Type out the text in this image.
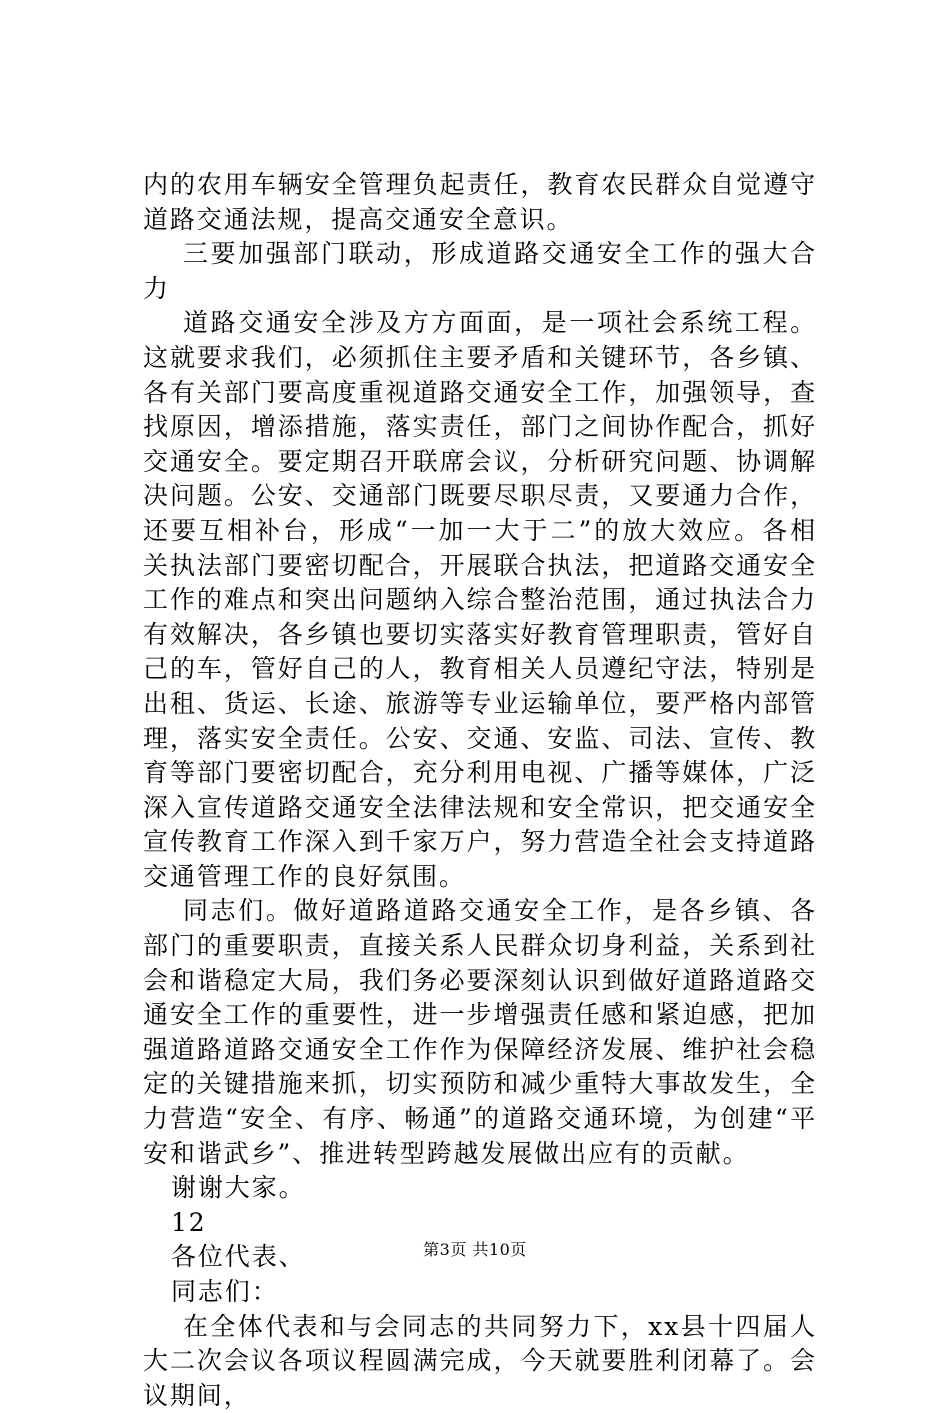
内的农用车辆安全管理负起责任，教育农民群众自觉遵守道路交通法规，提高交通安全意识。

三要加强部门联动，形成道路交通安全工作的强大合力

道路交通安全涉及方方面面，是一项社会系统工程。这就要求我们，必须抓住主要矛盾和关键环节，各乡镇、各有关部门要高度重视道路交通安全工作，加强领导，查找原因，增添措施，落实责任，部门之间协作配合，抓好交通安全。要定期召开联席会议，分析研究问题、协调解决问题。公安、交通部门既要尽职尽责，又要通力合作，还要互相补台，形成“一加一大于二”的放大效应。各相关执法部门要密切配合，开展联合执法，把道路交通安全工作的难点和突出问题纳入综合整治范围，通过执法合力有效解决，各乡镇也要切实落实好教育管理职责，管好自己的车，管好自己的人，教育相关人员遵纪守法，特别是出租、货运、长途、旅游等专业运输单位，要严格内部管理，落实安全责任。公安、交通、安监、司法、宣传、教育等部门要密切配合，充分利用电视、广播等媒体，广泛深入宣传道路交通安全法律法规和安全常识，把交通安全宣传教育工作深入到千家万户，努力营造全社会支持道路交通管理工作的良好氛围。

同志们。做好道路道路交通安全工作，是各乡镇、各部门的重要职责，直接关系人民群众切身利益，关系到社会和谐稳定大局，我们务必要深刻认识到做好道路道路交通安全工作的重要性，进一步增强责任感和紧迫感，把加强道路道路交通安全工作作为保障经济发展、维护社会稳定的关键措施来抓，切实预防和减少重特大事故发生，全力营造“安全、有序、畅通”的道路交通环境，为创建“平安和谐武乡”、推进转型跨越发展做出应有的贡献。

谢谢大家。

12

各位代表、

同志们：

在全体代表和与会同志的共同努力下，xx县十四届人大二次会议各项议程圆满完成，今天就要胜利闭幕了。会议期间，

第3页 共10页
